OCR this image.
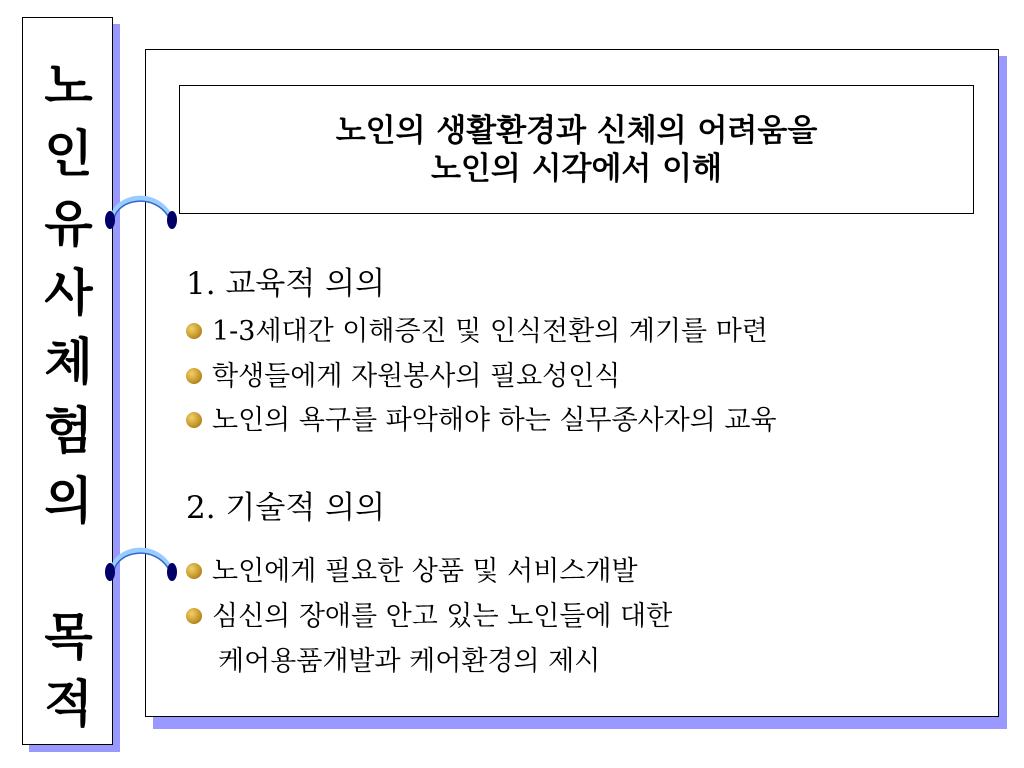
노
인
유
사
체
험
의
목
적
노인의 생활환경과 신체의 어려움을
노인의 시각에서 이해
1. 교육적 의의
1-3세대간 이해증진 및 인식전환의 계기를 마련
학생들에게 자원봉사의 필요성인식
노인의 욕구를 파악해야 하는 실무종사자의 교육
2. 기술적 의의
노인에게 필요한 상품 및 서비스개발
심신의 장애를 안고 있는 노인들에 대한
케어용품개발과 케어환경의 제시
